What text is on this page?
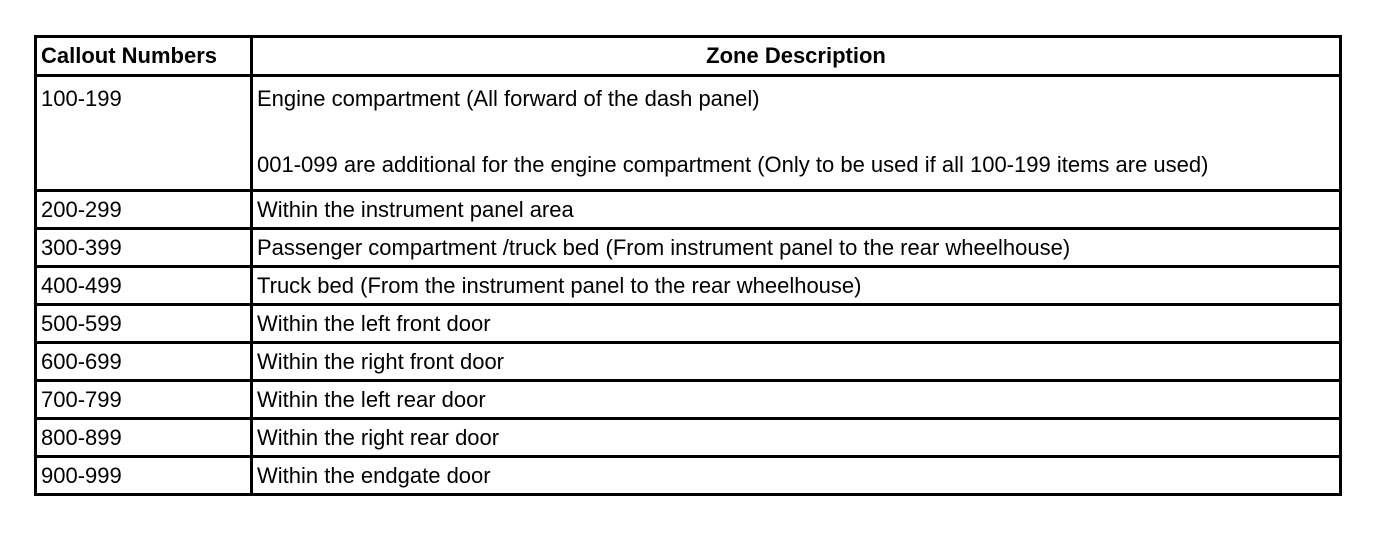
Callout Numbers	Zone Description
100-199	Engine compartment (All forward of the dash panel)
001-099 are additional for the engine compartment (Only to be used if all 100-199 items are used)

200-299	Within the instrument panel area
300-399	Passenger compartment /truck bed (From instrument panel to the rear wheelhouse)
400-499	Truck bed (From the instrument panel to the rear wheelhouse)
500-599	Within the left front door
600-699	Within the right front door
700-799	Within the left rear door
800-899	Within the right rear door
900-999	Within the endgate door
